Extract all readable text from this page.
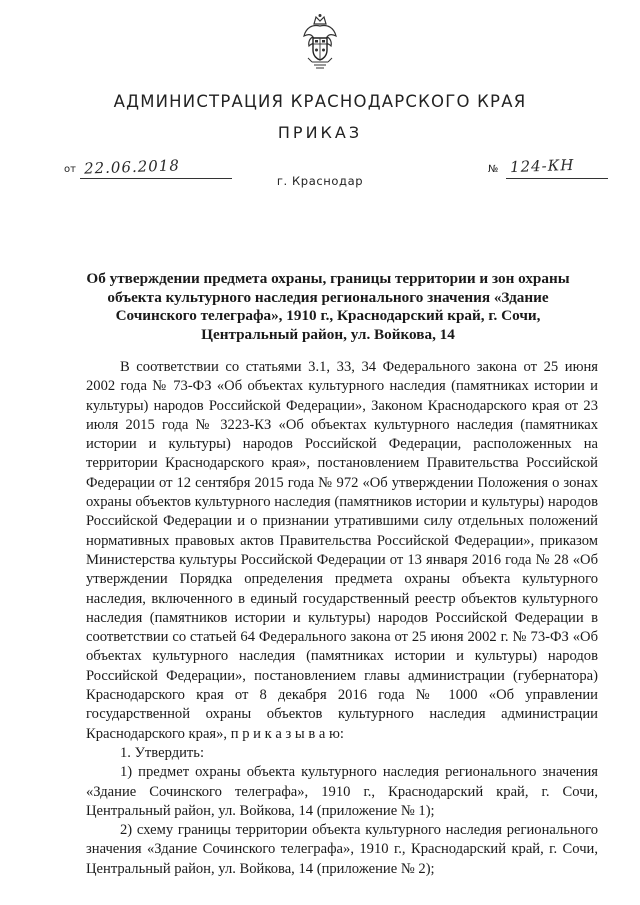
АДМИНИСТРАЦИЯ КРАСНОДАРСКОГО КРАЯ
ПРИКАЗ
от 22.06.2018	№ 124-КН
г. Краснодар
Об утверждении предмета охраны, границы территории и зон охраны объекта культурного наследия регионального значения «Здание Сочинского телеграфа», 1910 г., Краснодарский край, г. Сочи, Центральный район, ул. Войкова, 14

В соответствии со статьями 3.1, 33, 34 Федерального закона от 25 июня 2002 года № 73-ФЗ «Об объектах культурного наследия (памятниках истории и культуры) народов Российской Федерации», Законом Краснодарского края от 23 июля 2015 года № 3223-КЗ «Об объектах культурного наследия (памятниках истории и культуры) народов Российской Федерации, расположенных на территории Краснодарского края», постановлением Правительства Российской Федерации от 12 сентября 2015 года № 972 «Об утверждении Положения о зонах охраны объектов культурного наследия (памятников истории и культуры) народов Российской Федерации и о признании утратившими силу отдельных положений нормативных правовых актов Правительства Российской Федерации», приказом Министерства культуры Российской Федерации от 13 января 2016 года № 28 «Об утверждении Порядка определения предмета охраны объекта культурного наследия, включенного в единый государственный реестр объектов культурного наследия (памятников истории и культуры) народов Российской Федерации в соответствии со статьей 64 Федерального закона от 25 июня 2002 г. № 73-ФЗ «Об объектах культурного наследия (памятниках истории и культуры) народов Российской Федерации», постановлением главы администрации (губернатора) Краснодарского края от 8 декабря 2016 года № 1000 «Об управлении государственной охраны объектов культурного наследия администрации Краснодарского края», п р и к а з ы в а ю:

1. Утвердить:

1) предмет охраны объекта культурного наследия регионального значения «Здание Сочинского телеграфа», 1910 г., Краснодарский край, г. Сочи, Центральный район, ул. Войкова, 14 (приложение № 1);

2) схему границы территории объекта культурного наследия регионального значения «Здание Сочинского телеграфа», 1910 г., Краснодарский край, г. Сочи, Центральный район, ул. Войкова, 14 (приложение № 2);
